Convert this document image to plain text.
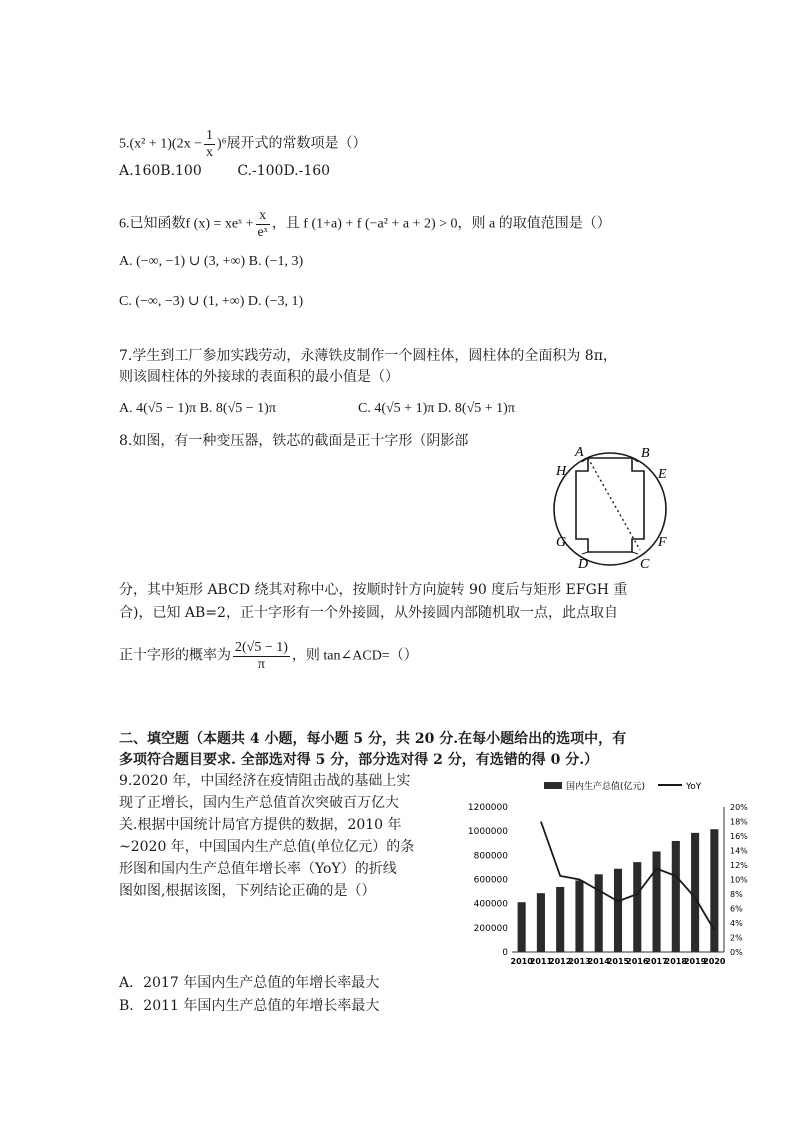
$5.(x^2 + 1)(2x - \frac{1}{x} )^6$展开式的常数项是（）
A.160B.100        C.-100D.-160
6.已知函数f (x) = xeˣ + $\frac{x}{\text{eˣ}}$ ，且 f (1+a) + f (−a² + a + 2) > 0，则 a 的取值范围是（）
A. (−∞, −1) ∪ (3, +∞) B. (−1, 3)
C. (−∞, −3) ∪ (1, +∞) D. (−3, 1)
7.学生到工厂参加实践劳动，永薄铁皮制作一个圆柱体，圆柱体的全面积为 8π，
则该圆柱体的外接球的表面积的最小值是（）
A. 4(√5 − 1)π B. 8(√5 − 1)π	C. 4(√5 + 1)π D. 8(√5 + 1)π
8.如图，有一种变压器，铁芯的截面是正十字形（阴影部
A	B
E
H
G	F
D	C
分，其中矩形 ABCD 绕其对称中心，按顺时针方向旋转 90 度后与矩形 EFGH 重
合)，已知 AB=2，正十字形有一个外接圆，从外接圆内部随机取一点，此点取自
正十字形的概率为 $\frac{2(√5 - 1)}{\pi}$ ，则 tan∠ACD=（）
二、填空题（本题共 4 小题，每小题 5 分，共 20 分.在每小题给出的选项中，有
多项符合题目要求. 全部选对得 5 分，部分选对得 2 分，有选错的得 0 分.）
9.2020 年，中国经济在疫情阻击战的基础上实
现了正增长，国内生产总值首次突破百万亿大
关.根据中国统计局官方提供的数据，2010 年
~2020 年，中国国内生产总值(单位亿元）的条
形图和国内生产总值年增长率（YoY）的折线
图如图,根据该图，下列结论正确的是（）
国内生产总值(亿元)	YoY
0
200000
400000
600000
800000
1000000
1200000
0%
2%
4%
6%
8%
10%
12%
14%
16%
18%
20%
2010
2011
2012
2013
2014
2015
2016
2017
2018
2019
2020
A．2017 年国内生产总值的年增长率最大
B．2011 年国内生产总值的年增长率最大
